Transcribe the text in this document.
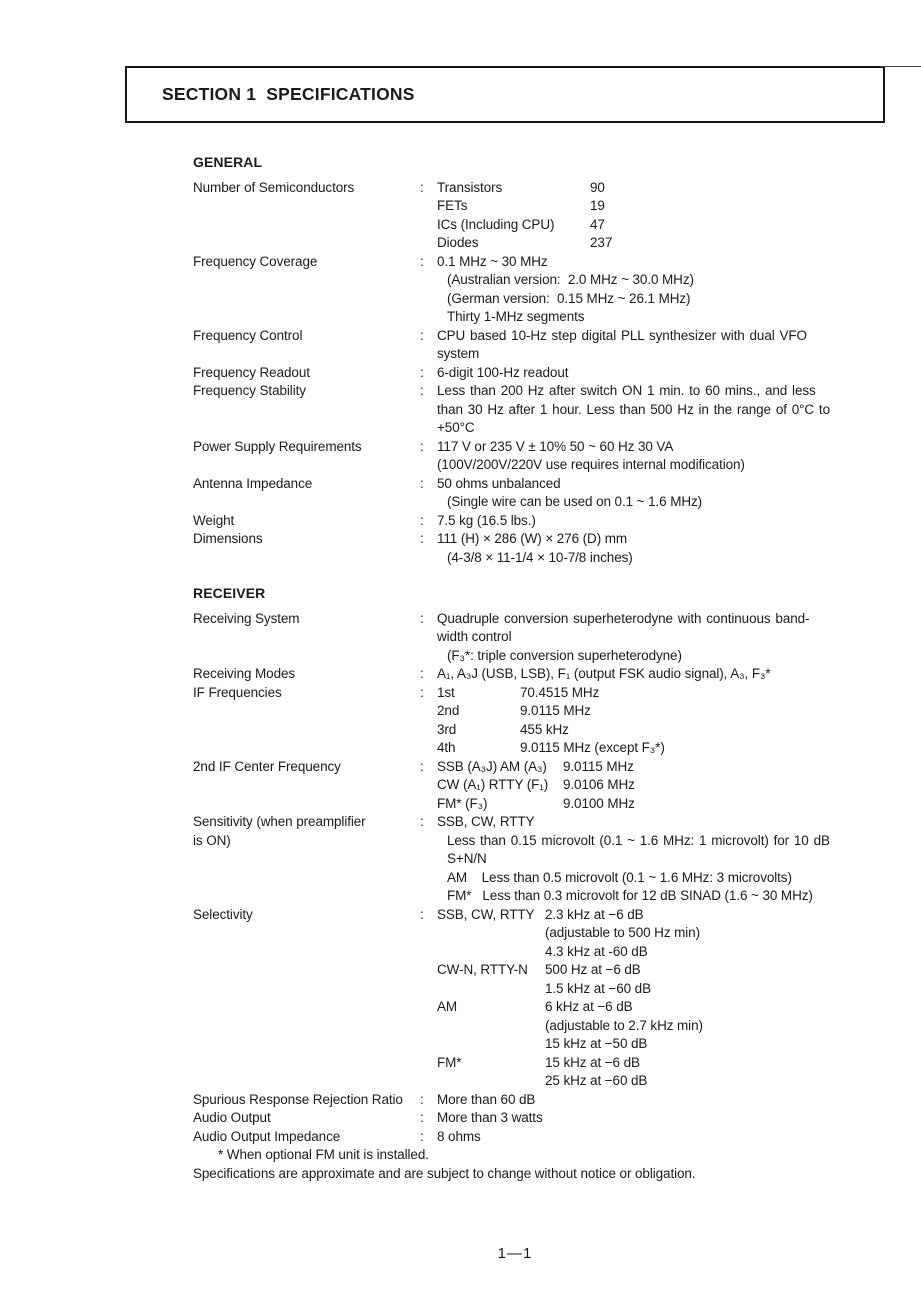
SECTION 1  SPECIFICATIONS
GENERAL
Number of Semiconductors	: Transistors	90
FETs	19
ICs (Including CPU)	47
Diodes	237
Frequency Coverage	: 0.1 MHz ~ 30 MHz
(Australian version:  2.0 MHz ~ 30.0 MHz)
(German version:  0.15 MHz ~ 26.1 MHz)
Thirty 1-MHz segments
Frequency Control	: CPU based 10-Hz step digital PLL synthesizer with dual VFO
system
Frequency Readout	: 6-digit 100-Hz readout
Frequency Stability	: Less than 200 Hz after switch ON 1 min. to 60 mins., and less
than 30 Hz after 1 hour. Less than 500 Hz in the range of 0°C to
+50°C
Power Supply Requirements	: 117 V or 235 V ± 10% 50 ~ 60 Hz 30 VA
(100V/200V/220V use requires internal modification)
Antenna Impedance	: 50 ohms unbalanced
(Single wire can be used on 0.1 ~ 1.6 MHz)
Weight	: 7.5 kg (16.5 lbs.)
Dimensions	: 111 (H) × 286 (W) × 276 (D) mm
(4-3/8 × 11-1/4 × 10-7/8 inches)
RECEIVER
Receiving System	: Quadruple conversion superheterodyne with continuous band-
width control
(F₃*: triple conversion superheterodyne)
Receiving Modes	: A₁, A₃J (USB, LSB), F₁ (output FSK audio signal), A₃, F₃*
IF Frequencies	: 1st	70.4515 MHz
2nd	9.0115 MHz
3rd	455 kHz
4th	9.0115 MHz (except F₃*)
2nd IF Center Frequency	: SSB (A₃J) AM (A₃) 9.0115 MHz
CW (A₁) RTTY (F₁) 9.0106 MHz
FM* (F₃)	9.0100 MHz
Sensitivity (when preamplifier
is ON)
: SSB, CW, RTTY
Less than 0.15 microvolt (0.1 ~ 1.6 MHz: 1 microvolt) for 10 dB
S+N/N
AM    Less than 0.5 microvolt (0.1 ~ 1.6 MHz: 3 microvolts)
FM*   Less than 0.3 microvolt for 12 dB SINAD (1.6 ~ 30 MHz)
Selectivity	: SSB, CW, RTTY 2.3 kHz at −6 dB
(adjustable to 500 Hz min)
4.3 kHz at -60 dB
CW-N, RTTY-N 500 Hz at −6 dB
1.5 kHz at −60 dB
AM	6 kHz at −6 dB
(adjustable to 2.7 kHz min)
15 kHz at −50 dB
FM*	15 kHz at −6 dB
25 kHz at −60 dB
Spurious Response Rejection Ratio	: More than 60 dB
Audio Output	: More than 3 watts
Audio Output Impedance	: 8 ohms
* When optional FM unit is installed.
Specifications are approximate and are subject to change without notice or obligation.
1—1
